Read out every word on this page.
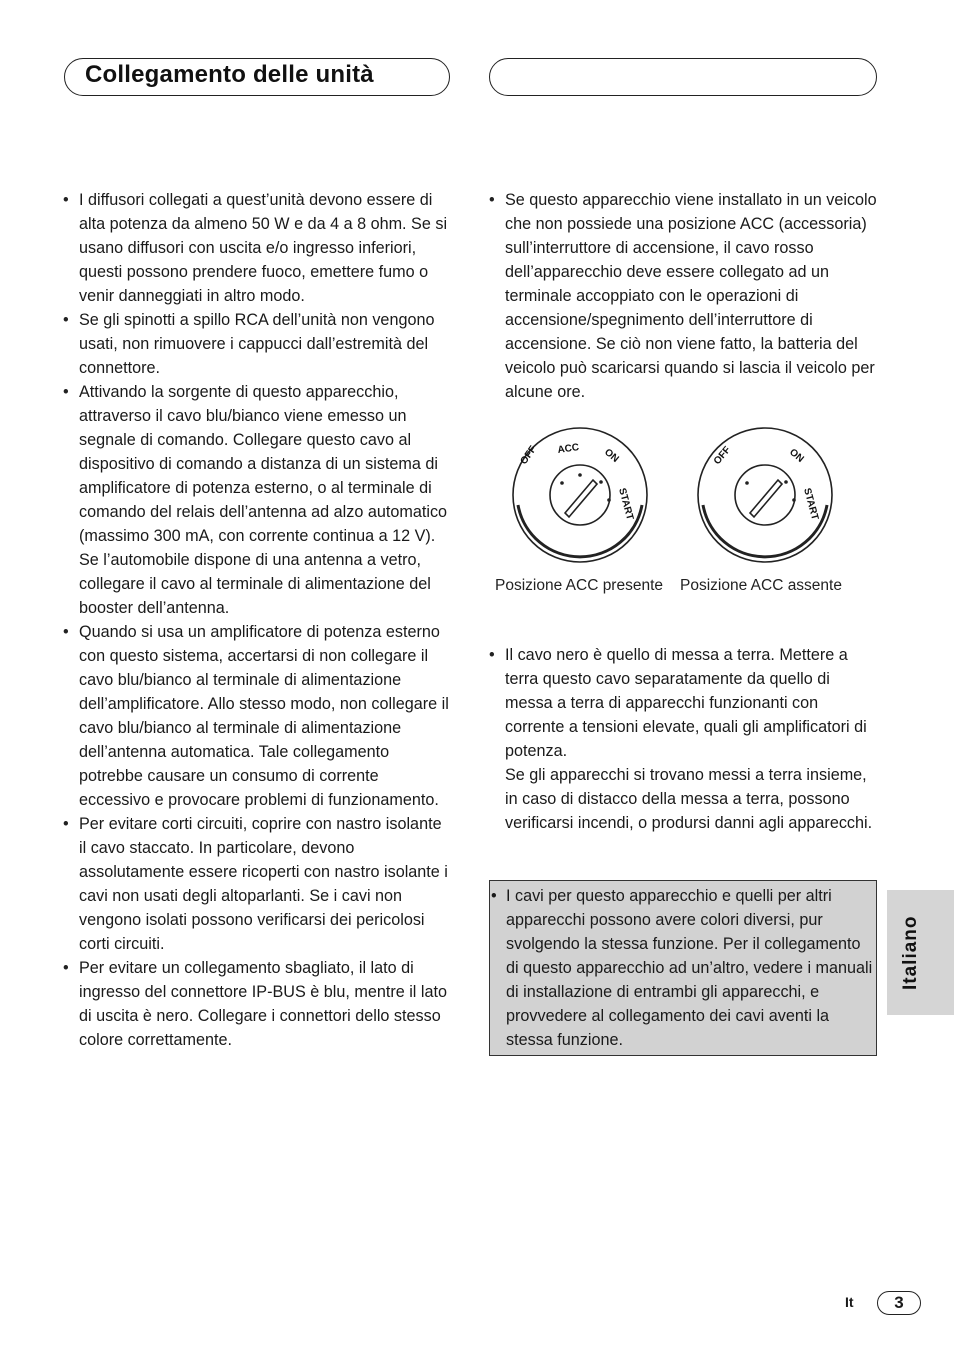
Collegamento delle unità
• I diffusori collegati a quest’unità devono essere di alta potenza da almeno 50 W e da 4 a 8 ohm. Se si usano diffusori con uscita e/o ingresso inferiori, questi possono prendere fuoco, emettere fumo o venir danneggiati in altro modo.
• Se gli spinotti a spillo RCA dell’unità non vengono usati, non rimuovere i cappucci dall’estremità del connettore.
• Attivando la sorgente di questo apparecchio, attraverso il cavo blu/bianco viene emesso un segnale di comando. Collegare questo cavo al dispositivo di comando a distanza di un sistema di amplificatore di potenza esterno, o al terminale di comando del relais dell’antenna ad alzo automatico (massimo 300 mA, con corrente continua a 12 V). Se l’automobile dispone di una antenna a vetro, collegare il cavo al terminale di alimentazione del booster dell’antenna.
• Quando si usa un amplificatore di potenza esterno con questo sistema, accertarsi di non collegare il cavo blu/bianco al terminale di alimentazione dell’amplificatore. Allo stesso modo, non collegare il cavo blu/bianco al terminale di alimentazione dell’antenna automatica. Tale collegamento potrebbe causare un consumo di corrente eccessivo e provocare problemi di funzionamento.
• Per evitare corti circuiti, coprire con nastro isolante il cavo staccato. In particolare, devono assolutamente essere ricoperti con nastro isolante i cavi non usati degli altoparlanti. Se i cavi non vengono isolati possono verificarsi dei pericolosi corti circuiti.
• Per evitare un collegamento sbagliato, il lato di ingresso del connettore IP-BUS è blu, mentre il lato di uscita è nero. Collegare i connettori dello stesso colore correttamente.
• Se questo apparecchio viene installato in un veicolo che non possiede una posizione ACC (accessoria) sull’interruttore di accensione, il cavo rosso dell’apparecchio deve essere collegato ad un terminale accoppiato con le operazioni di accensione/spegnimento dell’interruttore di accensione. Se ciò non viene fatto, la batteria del veicolo può scaricarsi quando si lascia il veicolo per alcune ore.
OFF ACC ON
START
Posizione ACC presente
OFF	ON
START
Posizione ACC assente
• Il cavo nero è quello di messa a terra. Mettere a terra questo cavo separatamente da quello di messa a terra di apparecchi funzionanti con corrente a tensioni elevate, quali gli amplificatori di potenza.
Se gli apparecchi si trovano messi a terra insieme, in caso di distacco della messa a terra, possono verificarsi incendi, o prodursi danni agli apparecchi.
• I cavi per questo apparecchio e quelli per altri apparecchi possono avere colori diversi, pur svolgendo la stessa funzione. Per il collegamento di questo apparecchio ad un’altro, vedere i manuali di installazione di entrambi gli apparecchi, e provvedere al collegamento dei cavi aventi la stessa funzione.
Italiano
It	3
